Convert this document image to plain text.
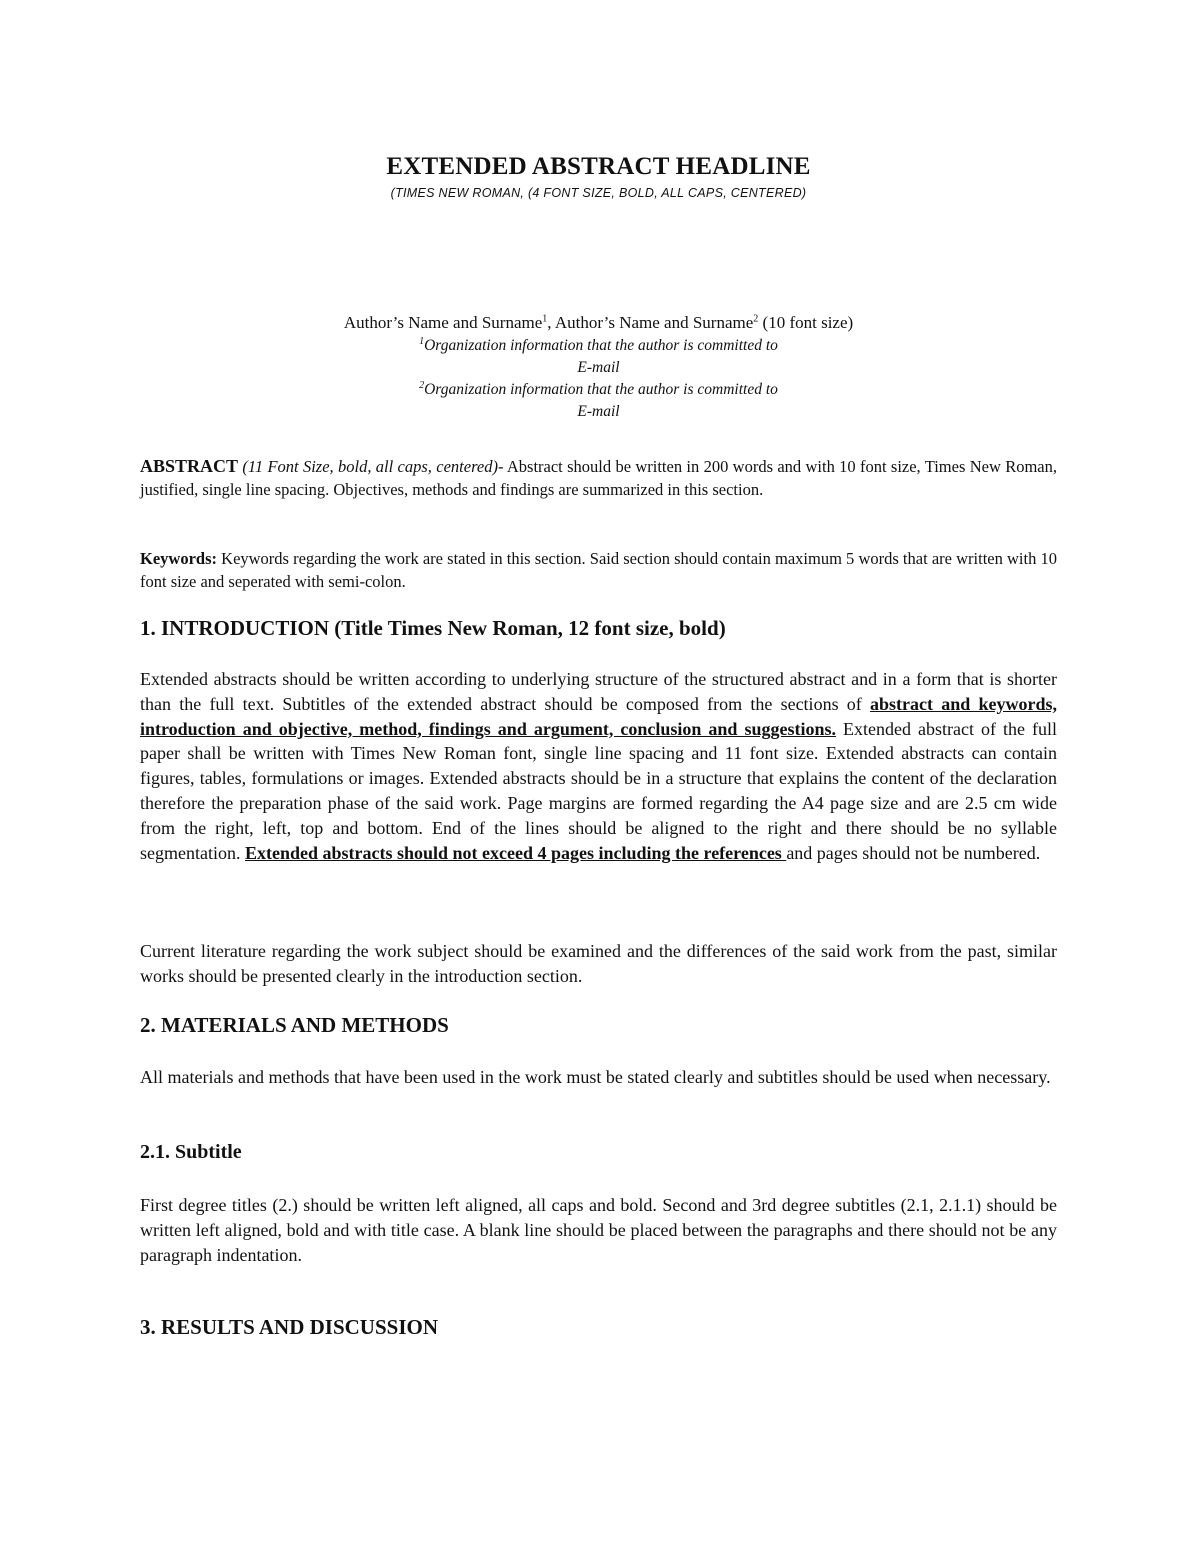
EXTENDED ABSTRACT HEADLINE

(TIMES NEW ROMAN, (4 FONT SIZE, BOLD, ALL CAPS, CENTERED)

Author’s Name and Surname$^1$, Author’s Name and Surname$^2$ (10 font size)

$^1$Organization information that the author is committed to

E-mail

$^2$Organization information that the author is committed to

E-mail

ABSTRACT (11 Font Size, bold, all caps, centered)- Abstract should be written in 200 words and with 10 font size, Times New Roman, justified, single line spacing. Objectives, methods and findings are summarized in this section.

Keywords: Keywords regarding the work are stated in this section. Said section should contain maximum 5 words that are written with 10 font size and seperated with semi-colon.

1. INTRODUCTION (Title Times New Roman, 12 font size, bold)

Extended abstracts should be written according to underlying structure of the structured abstract and in a form that is shorter than the full text. Subtitles of the extended abstract should be composed from the sections of abstract and keywords, introduction and objective, method, findings and argument, conclusion and suggestions. Extended abstract of the full paper shall be written with Times New Roman font, single line spacing and 11 font size. Extended abstracts can contain figures, tables, formulations or images. Extended abstracts should be in a structure that explains the content of the declaration therefore the preparation phase of the said work. Page margins are formed regarding the A4 page size and are 2.5 cm wide from the right, left, top and bottom. End of the lines should be aligned to the right and there should be no syllable segmentation. Extended abstracts should not exceed 4 pages including the references and pages should not be numbered.

Current literature regarding the work subject should be examined and the differences of the said work from the past, similar works should be presented clearly in the introduction section.

2. MATERIALS AND METHODS

All materials and methods that have been used in the work must be stated clearly and subtitles should be used when necessary.

2.1. Subtitle

First degree titles (2.) should be written left aligned, all caps and bold. Second and 3rd degree subtitles (2.1, 2.1.1) should be written left aligned, bold and with title case. A blank line should be placed between the paragraphs and there should not be any paragraph indentation.

3. RESULTS AND DISCUSSION
